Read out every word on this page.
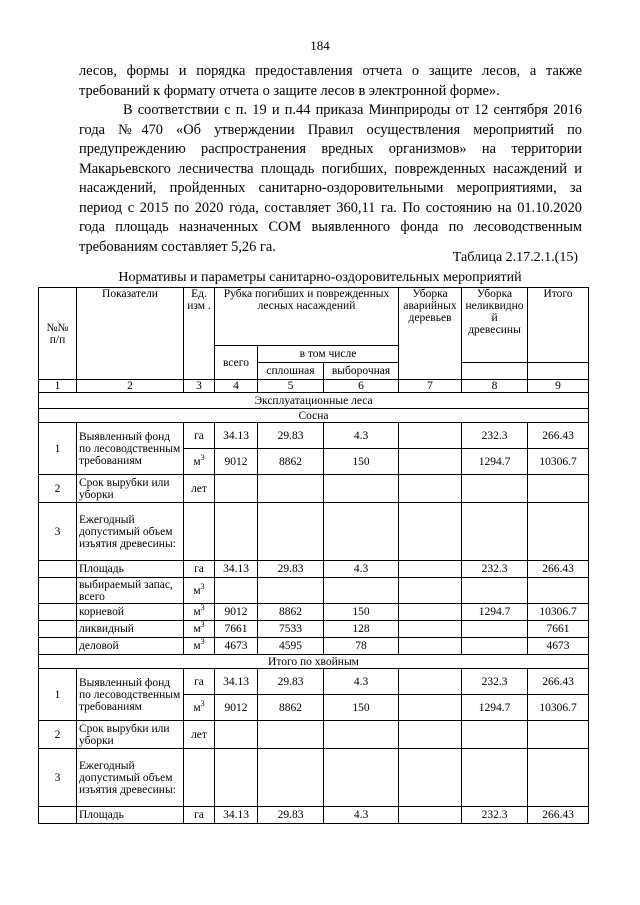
184

лесов, формы и порядка предоставления отчета о защите лесов, а также требований к формату отчета о защите лесов в электронной форме».

В соответствии с п. 19 и п.44 приказа Минприроды от 12 сентября 2016 года №470 «Об утверждении Правил осуществления мероприятий по предупреждению распространения вредных организмов» на территории Макарьевского лесничества площадь погибших, поврежденных насаждений и насаждений, пройденных санитарно-оздоровительными мероприятиями, за период с 2015 по 2020 года, составляет 360,11 га. По состоянию на 01.10.2020 года площадь назначенных СОМ выявленного фонда по лесоводственным требованиям составляет 5,26 га.

Таблица 2.17.2.1.(15)
Нормативы и параметры санитарно-оздоровительных мероприятий
№№ п/п	Показатели	Ед. изм .	Рубка погибших и поврежденных лесных насаждений			Уборка аварийных деревьев	Уборка неликвидно й древесины	Итого
			всего	в том числе				
				сплошная	выборочная			
1	2	3	4	5	6	7	8	9
Эксплуатационные леса								
Сосна								
1	Выявленный фонд по лесоводственным требованиям	га	34.13	29.83	4.3		232.3	266.43
		$м^3$	9012	8862	150		1294.7	10306.7
2	Срок вырубки или уборки	лет						
3	Ежегодный допустимый объем изъятия древесины:							
	Площадь	га	34.13	29.83	4.3		232.3	266.43
	выбираемый запас, всего	$м^3$						
	корневой	$м^3$	9012	8862	150		1294.7	10306.7
	ликвидный	$м^3$	7661	7533	128			7661
	деловой	$м^3$	4673	4595	78			4673
Итого по хвойным								
1	Выявленный фонд по лесоводственным требованиям	га	34.13	29.83	4.3		232.3	266.43
		$м^3$	9012	8862	150		1294.7	10306.7
2	Срок вырубки или уборки	лет						
3	Ежегодный допустимый объем изъятия древесины:							
	Площадь	га	34.13	29.83	4.3		232.3	266.43
